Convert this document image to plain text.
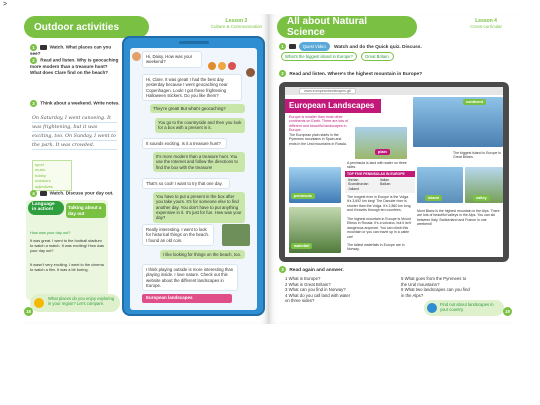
>
Outdoor activities
Lesson 3
Culture & Communication
1	Watch. What places can you see?
2 Read and listen. Why is geocaching more modern than a treasure hunt? What does Clare find on the beach?
3 Think about a weekend. Write notes.
On Saturday, I went canoeing. It was frightening, but it was exciting, too. On Sunday, I went to the park. It was crowded.
sport
music
hobby
outdoors
adjectives
4	Watch. Discuss your day out.
Language in action!	Talking about a day out
How was your day out?
It was great. I went to the football stadium to watch a match. It was exciting! How was your day out?
It wasn't very exciting. I went to the cinema to watch a film. It was a bit boring.
What places do you enjoy exploring in your region? Let's compare.
18
Hi, Daisy. How was your weekend?
Hi, Clare. It was great! I had the best day yesterday because I went geocaching near Copenhagen. Look! I got these frightening Halloween stickers. Do you like them?
They're great! But what's geocaching?
You go to the countryside and then you look for a box with a present in it.
It sounds exciting. Is it a treasure hunt?
It's more modern than a treasure hunt. You use the Internet and follow the directions to find the box with the treasure!
That's so cool! I want to try that one day.
You have to put a present in the box after you take yours. It's for someone else to find another day. You don't have to put anything expensive in it. It's just for fun. How was your day?
Really interesting. I went to look for historical things on the beach. I found an old coin.
I like looking for things on the beach, too.
I think playing outside is more interesting than playing inside. I love nature. Check out this website about the different landscapes in Europe.
European landscapes
All about Natural Science
Lesson 4
Cross-curricular
1	Quest Video Watch and do the Quick quiz. Discuss.
What's the biggest island in Europe?	Great Britain.
2 Read and listen. Where's the highest mountain in Europe?
www.europeanlandscapes.gb
European Landscapes
Europe is smaller than most other continents on Earth. There are lots of different and beautiful landscapes in Europe.
continent
The European plain starts in the Pyrenees mountains in Spain and ends in the Ural mountains in Russia.
plain
A peninsula is land with water on three sides.
TOP FIVE PENINSULAS IN EUROPE
Iberian	Italian
Scandinavian	Balkan
Jutland
peninsula	The longest river in Europe is the Volga. It's 3,692 km long! The Danube river is shorter than the Volga. It's 2,860 km long and it travels through ten countries.
The highest mountain in Europe is Mount Elbrus in Russia. It's a volcano, but it isn't dangerous anymore. You can climb this mountain or you can travel up in a cable car!
The tallest waterfalls in Europe are in Norway.
waterfall
The biggest island in Europe is Great Britain.
island	valley
Mont Blanc is the highest mountain in the Alps. There are lots of beautiful valleys in the Alps. You can ski between Italy, Switzerland and France in one weekend!
3 Read again and answer.
1 What is Europe?
2 What is Great Britain?
3 What can you find in Norway?
4 What do you call land with water
on three sides?
5 What goes from the Pyrenees to
the Ural mountains?
6 What two landscapes can you find
in the Alps?
Find out about landscapes in your country.	19
